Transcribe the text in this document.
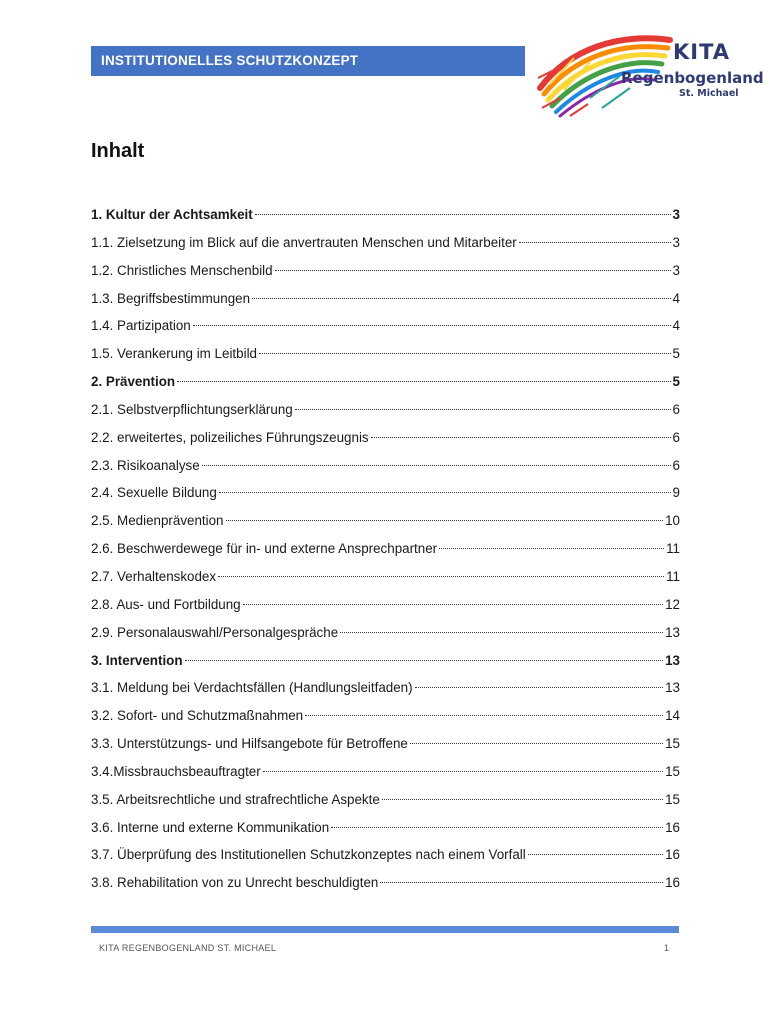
INSTITUTIONELLES SCHUTZKONZEPT	KITA
Regenbogenland
St. Michael
Inhalt
1. Kultur der Achtsamkeit	3
1.1. Zielsetzung im Blick auf die anvertrauten Menschen und Mitarbeiter	3
1.2. Christliches Menschenbild	3
1.3. Begriffsbestimmungen	4
1.4. Partizipation	4
1.5. Verankerung im Leitbild	5
2. Prävention	5
2.1. Selbstverpflichtungserklärung	6
2.2. erweitertes, polizeiliches Führungszeugnis	6
2.3. Risikoanalyse	6
2.4. Sexuelle Bildung	9
2.5. Medienprävention	10
2.6. Beschwerdewege für in- und externe Ansprechpartner	11
2.7. Verhaltenskodex	11
2.8. Aus- und Fortbildung	12
2.9. Personalauswahl/Personalgespräche	13
3. Intervention	13
3.1. Meldung bei Verdachtsfällen (Handlungsleitfaden)	13
3.2. Sofort- und Schutzmaßnahmen	14
3.3. Unterstützungs- und Hilfsangebote für Betroffene	15
3.4.Missbrauchsbeauftragter	15
3.5. Arbeitsrechtliche und strafrechtliche Aspekte	15
3.6. Interne und externe Kommunikation	16
3.7. Überprüfung des Institutionellen Schutzkonzeptes nach einem Vorfall	16
3.8. Rehabilitation von zu Unrecht beschuldigten	16
KITA REGENBOGENLAND ST. MICHAEL	1
